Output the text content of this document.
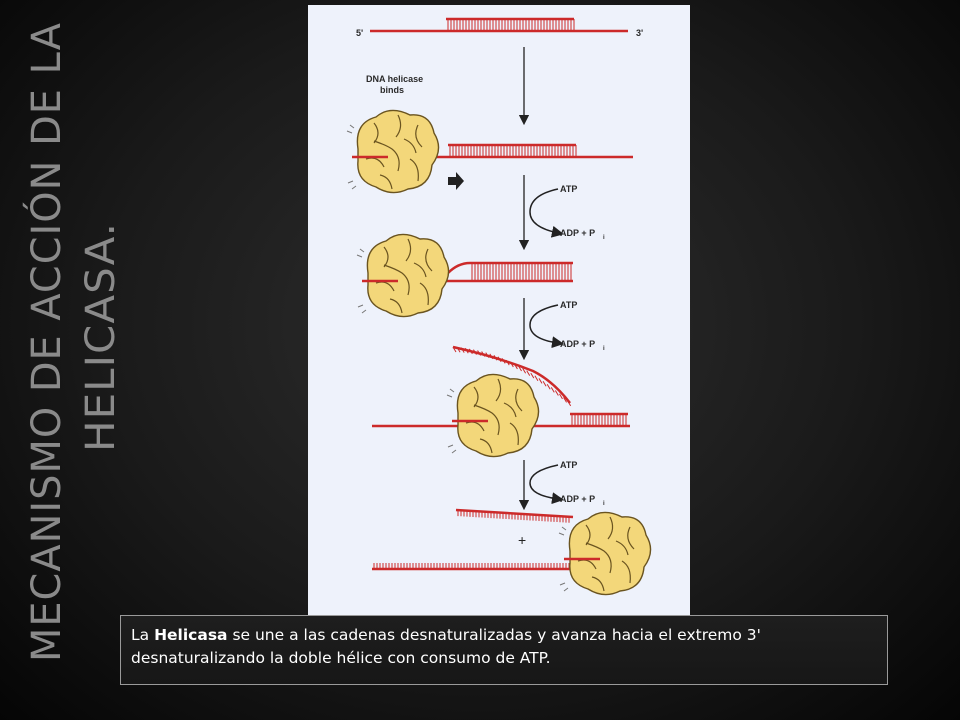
MECANISMO DE ACCIÓN DE LA HELICASA.
5'	3'
DNA helicase
binds
ATP
ADP + P i
ATP
ADP + P i
ATP
ADP + P i
+
La Helicasa se une a las cadenas desnaturalizadas y avanza hacia el extremo 3' desnaturalizando la doble hélice con consumo de ATP.
